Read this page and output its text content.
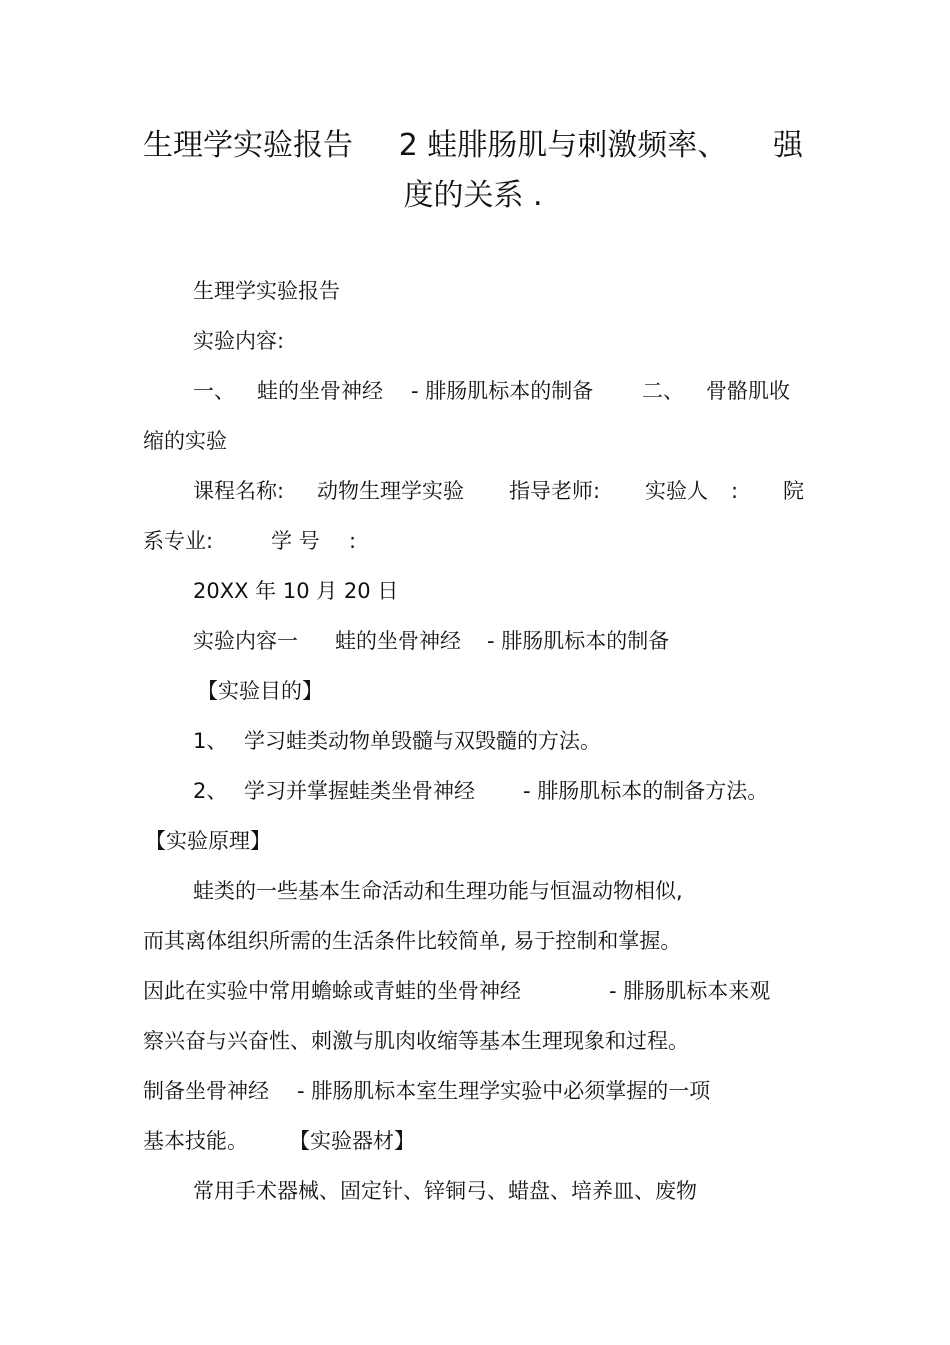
生理学实验报告 2 蛙腓肠肌与刺激频率、 强
度的关系 .
生理学实验报告
实验内容:
一、 蛙的坐骨神经 - 腓肠肌标本的制备 二、 骨骼肌收
缩的实验
课程名称: 动物生理学实验 指导老师: 实验人 : 院
系专业:	学 号 :
20XX 年 10 月 20 日
实验内容一 蛙的坐骨神经 - 腓肠肌标本的制备
【实验目的】
1、 学习蛙类动物单毁髓与双毁髓的方法。
2、 学习并掌握蛙类坐骨神经 - 腓肠肌标本的制备方法。
【实验原理】
蛙类的一些基本生命活动和生理功能与恒温动物相似,
而其离体组织所需的生活条件比较简单, 易于控制和掌握。
因此在实验中常用蟾蜍或青蛙的坐骨神经	- 腓肠肌标本来观
察兴奋与兴奋性、刺激与肌肉收缩等基本生理现象和过程。
制备坐骨神经 - 腓肠肌标本室生理学实验中必须掌握的一项
基本技能。 【实验器材】
常用手术器械、固定针、锌铜弓、蜡盘、培养皿、废物
